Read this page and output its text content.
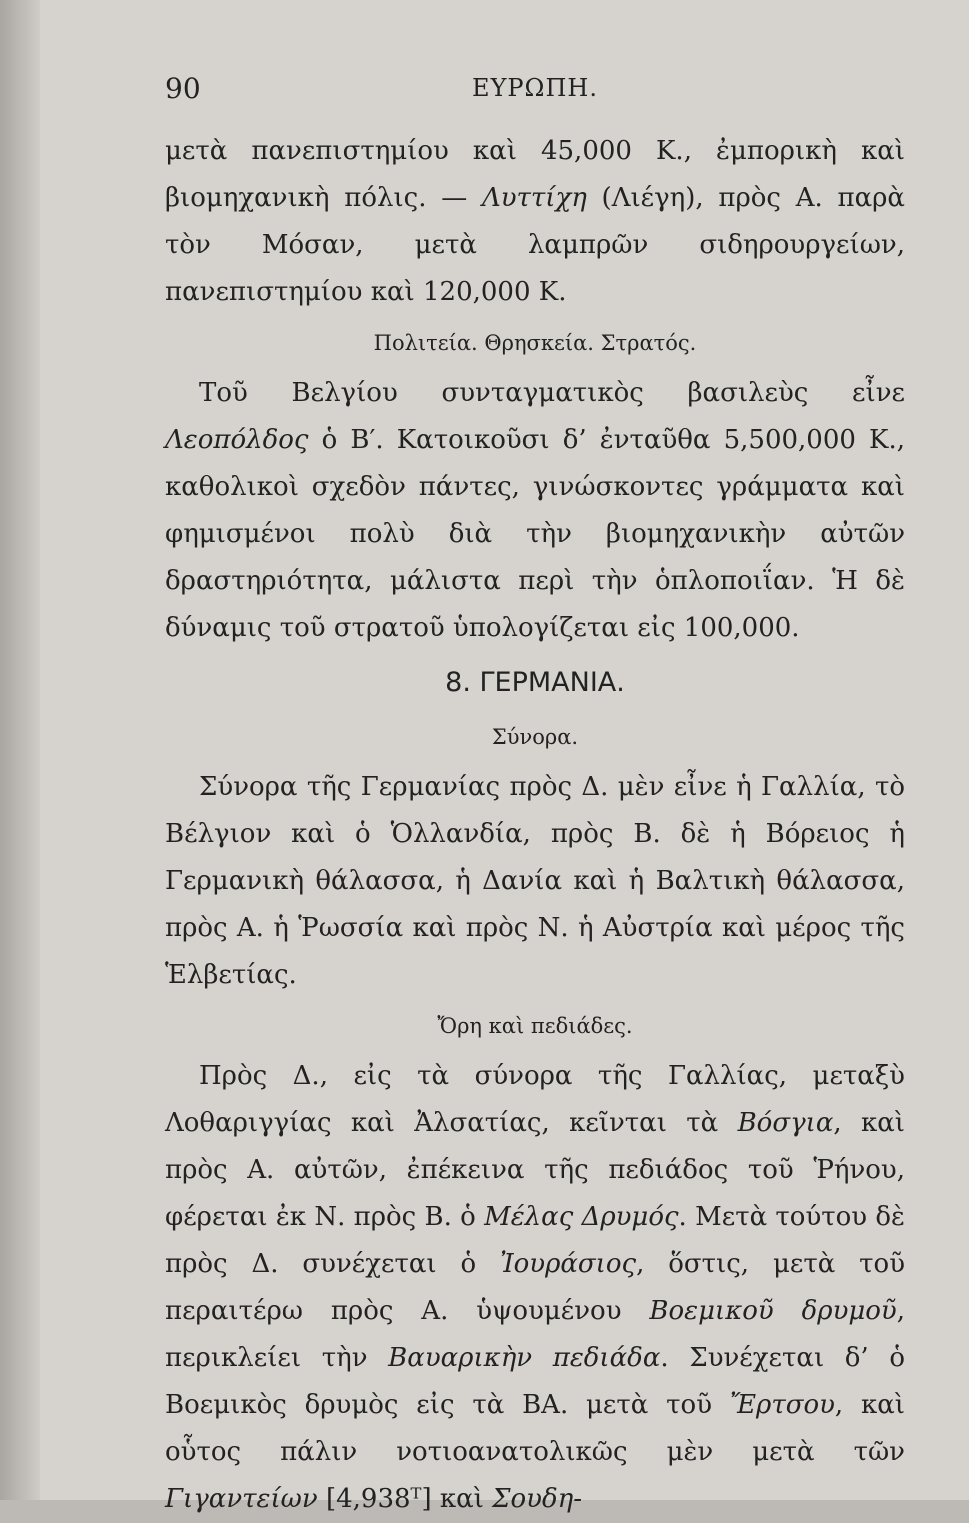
90	ΕΥΡΩΠΗ.

μετὰ πανεπιστημίου καὶ 45,000 Κ., ἐμπορικὴ καὶ βιομηχανικὴ πόλις. — Λυττίχη (Λιέγη), πρὸς Α. παρὰ τὸν Μόσαν, μετὰ λαμπρῶν σιδηρουργείων, πανεπιστημίου καὶ 120,000 Κ.

Πολιτεία. Θρησκεία. Στρατός.

Τοῦ Βελγίου συνταγματικὸς βασιλεὺς εἶνε Λεοπόλδος ὁ Β′. Κατοικοῦσι δ’ ἐνταῦθα 5,500,000 Κ., καθολικοὶ σχεδὸν πάντες, γινώσκοντες γράμματα καὶ φημισμένοι πολὺ διὰ τὴν βιομηχανικὴν αὐτῶν δραστηριότητα, μάλιστα περὶ τὴν ὁπλοποιΐαν. Ἡ δὲ δύναμις τοῦ στρατοῦ ὑπολογίζεται εἰς 100,000.

8. ΓΕΡΜΑΝΙΑ.
Σύνορα.

Σύνορα τῆς Γερμανίας πρὸς Δ. μὲν εἶνε ἡ Γαλλία, τὸ Βέλγιον καὶ ὁ Ὁλλανδία, πρὸς Β. δὲ ἡ Βόρειος ἡ Γερμανικὴ θάλασσα, ἡ Δανία καὶ ἡ Βαλτικὴ θάλασσα, πρὸς Α. ἡ Ῥωσσία καὶ πρὸς Ν. ἡ Αὐστρία καὶ μέρος τῆς Ἑλβετίας.

Ὄρη καὶ πεδιάδες.

Πρὸς Δ., εἰς τὰ σύνορα τῆς Γαλλίας, μεταξὺ Λοθαριγγίας καὶ Ἀλσατίας, κεῖνται τὰ Βόσγια, καὶ πρὸς Α. αὐτῶν, ἐπέκεινα τῆς πεδιάδος τοῦ Ῥήνου, φέρεται ἐκ Ν. πρὸς Β. ὁ Μέλας Δρυμός. Μετὰ τούτου δὲ πρὸς Δ. συνέχεται ὁ Ἰουράσιος, ὅστις, μετὰ τοῦ περαιτέρω πρὸς Α. ὑψουμένου Βοεμικοῦ δρυμοῦ, περικλείει τὴν Βαυαρικὴν πεδιάδα. Συνέχεται δ’ ὁ Βοεμικὸς δρυμὸς εἰς τὰ ΒΑ. μετὰ τοῦ Ἔρτσου, καὶ οὗτος πάλιν νοτιοανατολικῶς μὲν μετὰ τῶν Γιγαντείων [4,938ᵀ] καὶ Σουδη-
